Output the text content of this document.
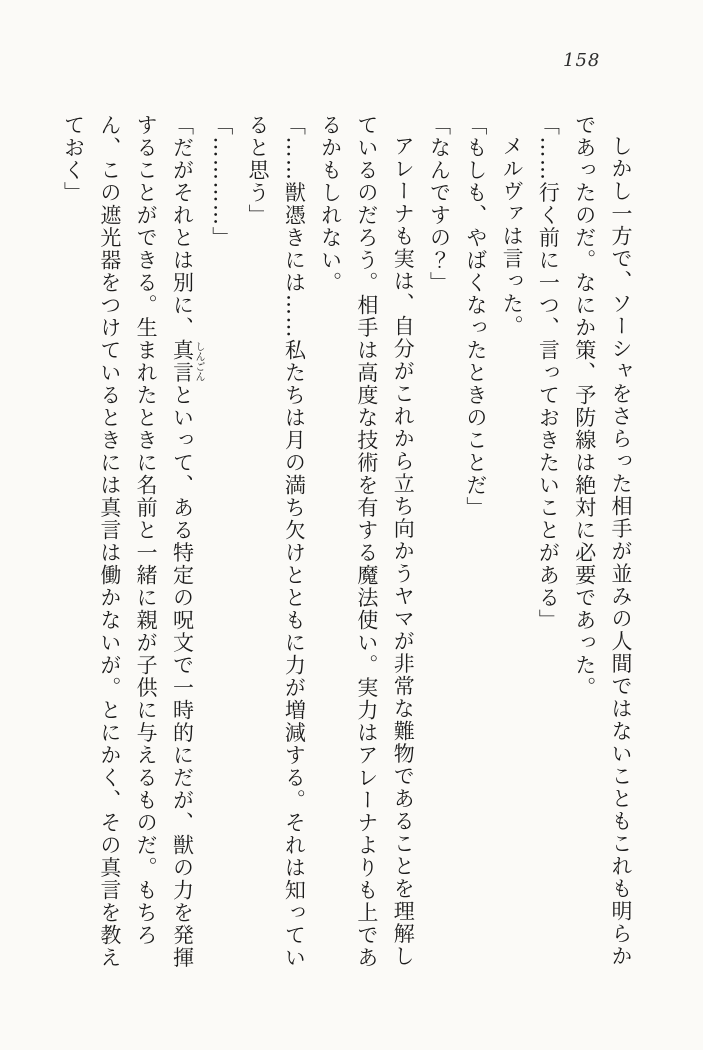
158

しかし一方で、ソーシャをさらった相手が並みの人間ではないこともこれも明らかであったのだ。なにか策、予防線は絶対に必要であった。

「……行く前に一つ、言っておきたいことがある」

メルヴァは言った。

「もしも、やばくなったときのことだ」

「なんですの？」

アレーナも実は、自分がこれから立ち向かうヤマが非常な難物であることを理解しているのだろう。相手は高度な技術を有する魔法使い。実力はアレーナよりも上であるかもしれない。

「……獣憑きには……私たちは月の満ち欠けとともに力が増減する。それは知っていると思う」

「…………」

「だがそれとは別に、真言しんごんといって、ある特定の呪文で一時的にだが、獣の力を発揮することができる。生まれたときに名前と一緒に親が子供に与えるものだ。もちろん、この遮光器をつけているときには真言は働かないが。とにかく、その真言を教えておく」
